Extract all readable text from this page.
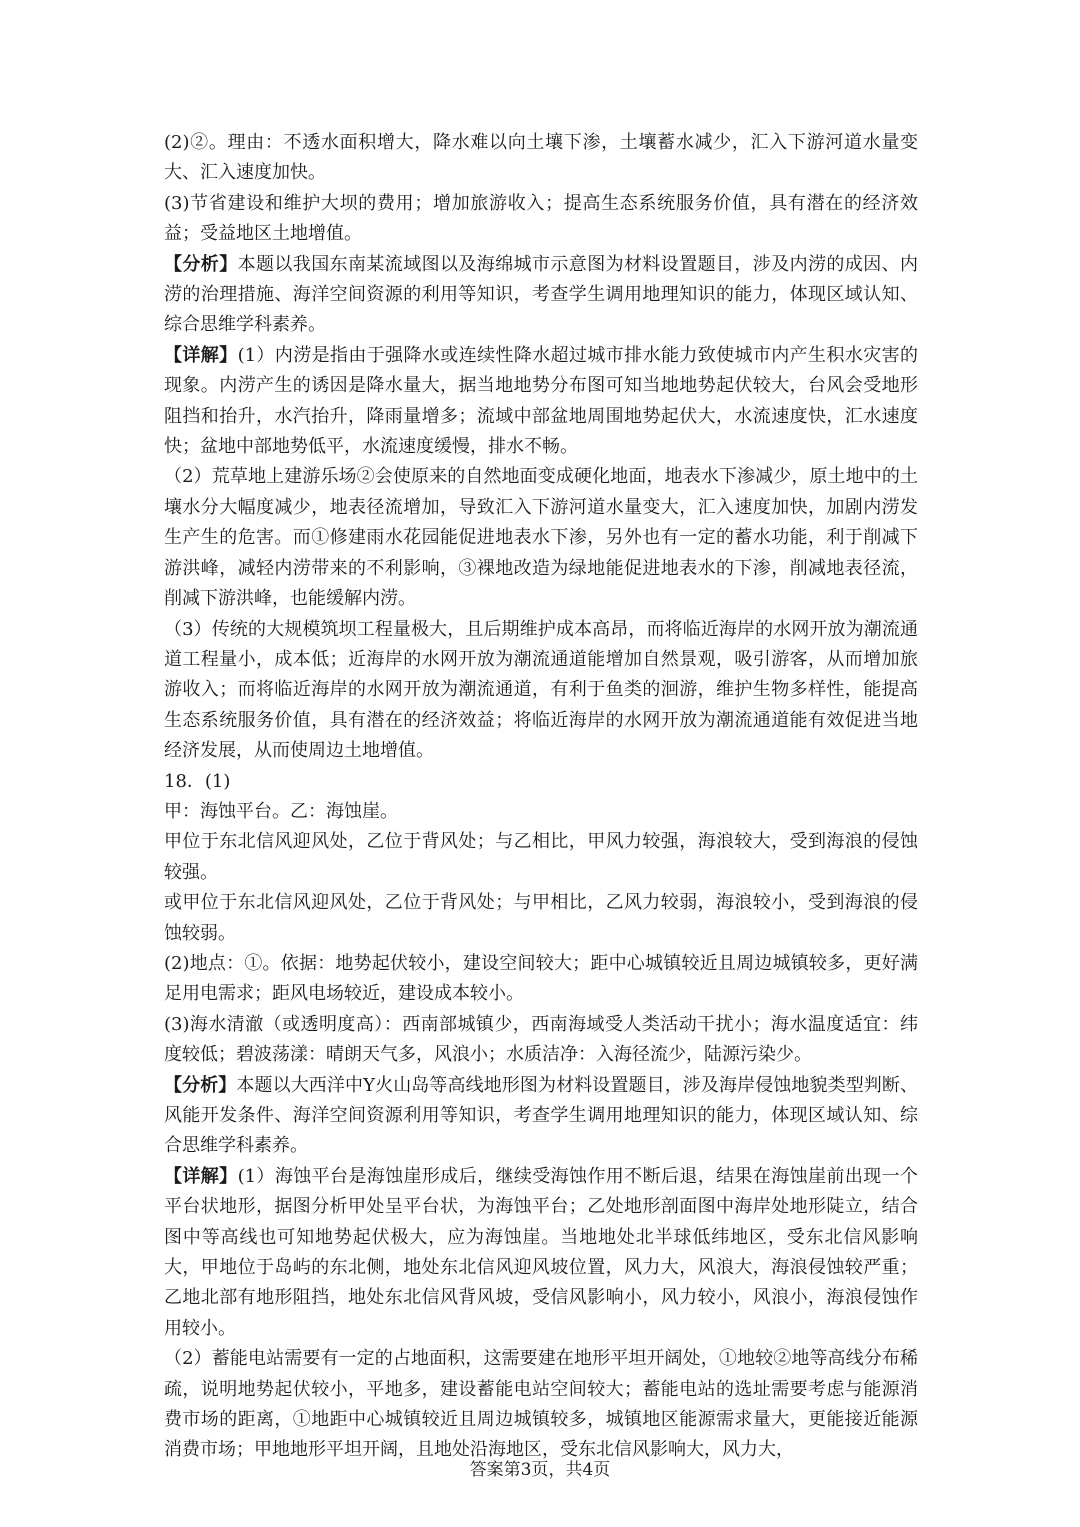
(2)②。理由：不透水面积增大，降水难以向土壤下渗，土壤蓄水减少，汇入下游河道水量变大、汇入速度加快。

(3)节省建设和维护大坝的费用；增加旅游收入；提高生态系统服务价值，具有潜在的经济效益；受益地区土地增值。

【分析】本题以我国东南某流域图以及海绵城市示意图为材料设置题目，涉及内涝的成因、内涝的治理措施、海洋空间资源的利用等知识，考查学生调用地理知识的能力，体现区域认知、综合思维学科素养。

【详解】(1）内涝是指由于强降水或连续性降水超过城市排水能力致使城市内产生积水灾害的现象。内涝产生的诱因是降水量大，据当地地势分布图可知当地地势起伏较大，台风会受地形阻挡和抬升，水汽抬升，降雨量增多；流域中部盆地周围地势起伏大，水流速度快，汇水速度快；盆地中部地势低平，水流速度缓慢，排水不畅。

（2）荒草地上建游乐场②会使原来的自然地面变成硬化地面，地表水下渗减少，原土地中的土壤水分大幅度减少，地表径流增加，导致汇入下游河道水量变大，汇入速度加快，加剧内涝发生产生的危害。而①修建雨水花园能促进地表水下渗，另外也有一定的蓄水功能，利于削减下游洪峰，减轻内涝带来的不利影响，③裸地改造为绿地能促进地表水的下渗，削减地表径流，削减下游洪峰，也能缓解内涝。

（3）传统的大规模筑坝工程量极大，且后期维护成本高昂，而将临近海岸的水网开放为潮流通道工程量小，成本低；近海岸的水网开放为潮流通道能增加自然景观，吸引游客，从而增加旅游收入；而将临近海岸的水网开放为潮流通道，有利于鱼类的洄游，维护生物多样性，能提高生态系统服务价值，具有潜在的经济效益；将临近海岸的水网开放为潮流通道能有效促进当地经济发展，从而使周边土地增值。

18．(1)

甲：海蚀平台。乙：海蚀崖。

甲位于东北信风迎风处，乙位于背风处；与乙相比，甲风力较强，海浪较大，受到海浪的侵蚀较强。

或甲位于东北信风迎风处，乙位于背风处；与甲相比，乙风力较弱，海浪较小，受到海浪的侵蚀较弱。

(2)地点：①。依据：地势起伏较小，建设空间较大；距中心城镇较近且周边城镇较多，更好满足用电需求；距风电场较近，建设成本较小。

(3)海水清澈（或透明度高）：西南部城镇少，西南海域受人类活动干扰小；海水温度适宜：纬度较低；碧波荡漾：晴朗天气多，风浪小；水质洁净：入海径流少，陆源污染少。

【分析】本题以大西洋中Y火山岛等高线地形图为材料设置题目，涉及海岸侵蚀地貌类型判断、风能开发条件、海洋空间资源利用等知识，考查学生调用地理知识的能力，体现区域认知、综合思维学科素养。

【详解】(1）海蚀平台是海蚀崖形成后，继续受海蚀作用不断后退，结果在海蚀崖前出现一个平台状地形，据图分析甲处呈平台状，为海蚀平台；乙处地形剖面图中海岸处地形陡立，结合图中等高线也可知地势起伏极大，应为海蚀崖。当地地处北半球低纬地区，受东北信风影响大，甲地位于岛屿的东北侧，地处东北信风迎风坡位置，风力大，风浪大，海浪侵蚀较严重；乙地北部有地形阻挡，地处东北信风背风坡，受信风影响小，风力较小，风浪小，海浪侵蚀作用较小。

（2）蓄能电站需要有一定的占地面积，这需要建在地形平坦开阔处，①地较②地等高线分布稀疏，说明地势起伏较小，平地多，建设蓄能电站空间较大；蓄能电站的选址需要考虑与能源消费市场的距离，①地距中心城镇较近且周边城镇较多，城镇地区能源需求量大，更能接近能源消费市场；甲地地形平坦开阔，且地处沿海地区，受东北信风影响大，风力大，

答案第3页，共4页
